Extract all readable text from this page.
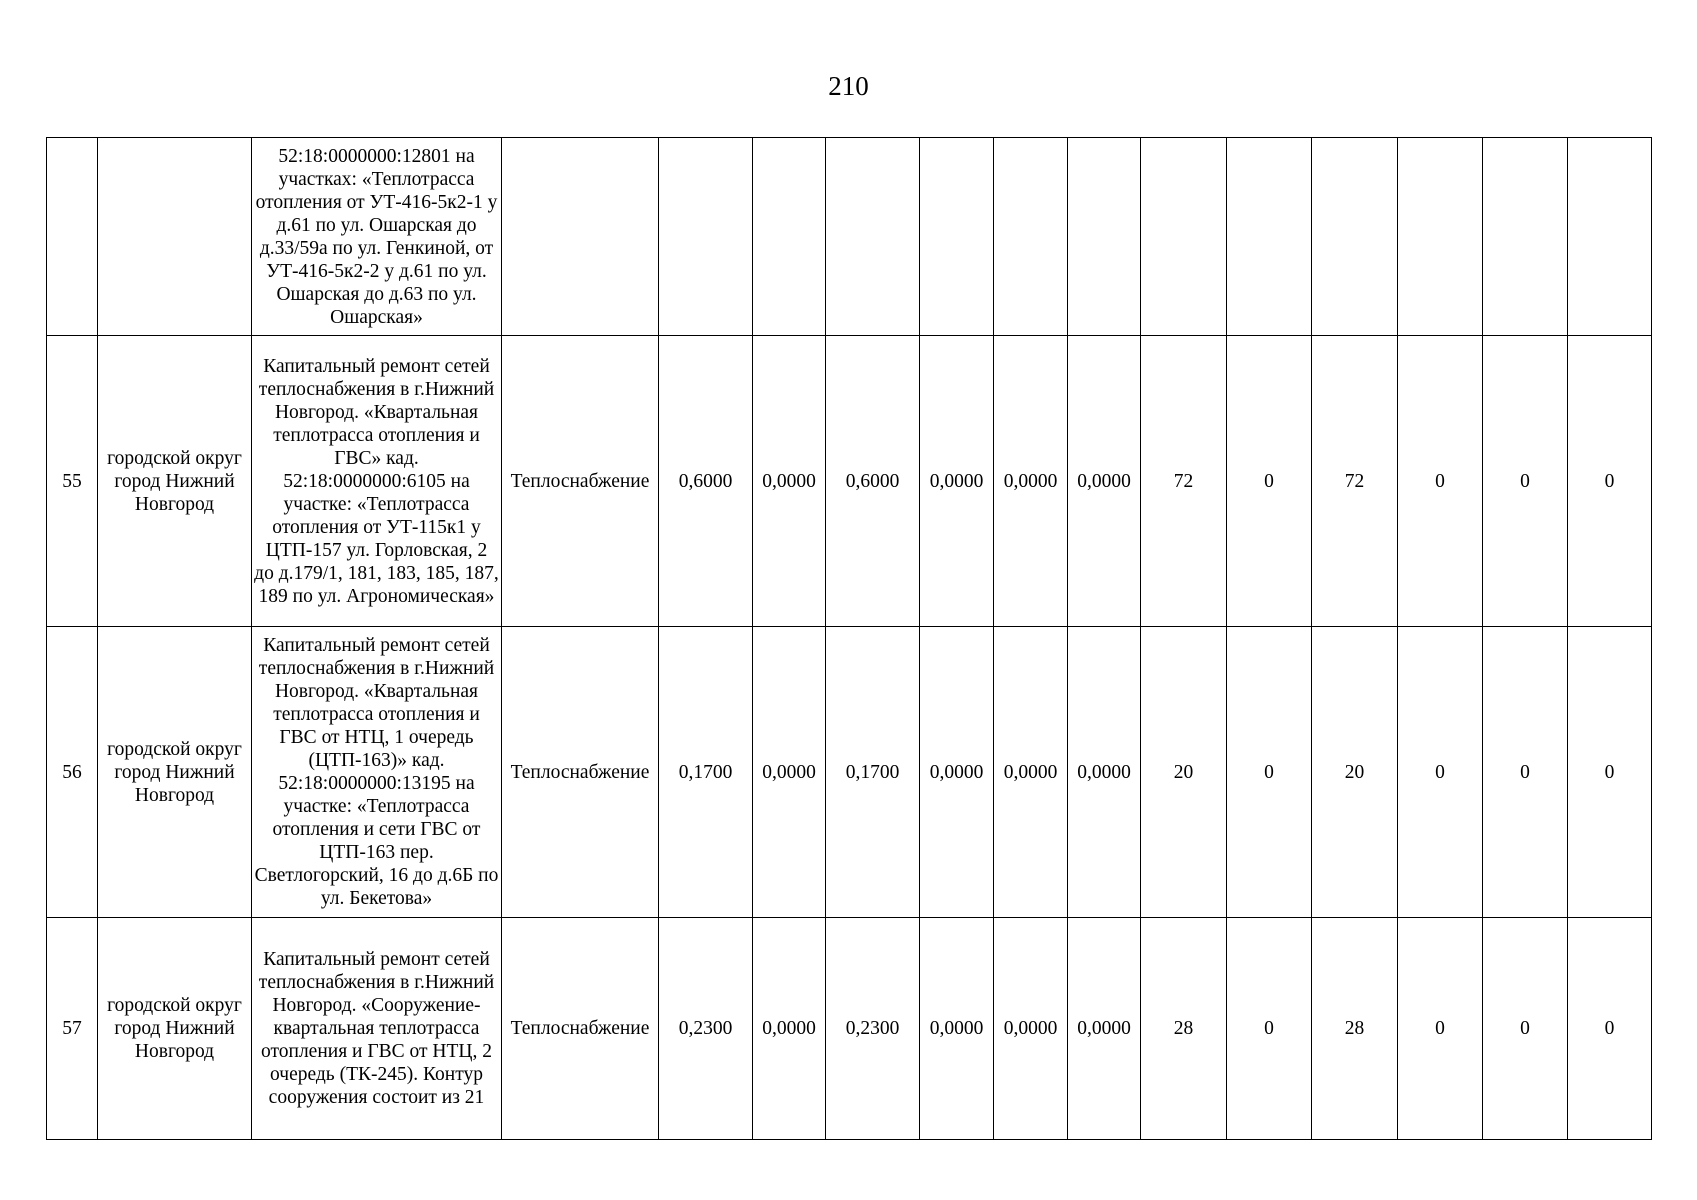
210
		52:18:0000000:12801 на участках: «Теплотрасса отопления от УТ-416-5к2-1 у д.61 по ул. Ошарская до д.33/59а по ул. Генкиной, от УТ-416-5к2-2 у д.61 по ул. Ошарская до д.63 по ул. Ошарская»													
55	городской округ город Нижний Новгород	Капитальный ремонт сетей теплоснабжения в г.Нижний Новгород. «Квартальная теплотрасса отопления и ГВС» кад. 52:18:0000000:6105 на участке: «Теплотрасса отопления от УТ-115к1 у ЦТП-157 ул. Горловская, 2 до д.179/1, 181, 183, 185, 187, 189 по ул. Агрономическая»	Теплоснабжение	0,6000	0,0000	0,6000	0,0000	0,0000	0,0000	72	0	72	0	0	0
56	городской округ город Нижний Новгород	Капитальный ремонт сетей теплоснабжения в г.Нижний Новгород. «Квартальная теплотрасса отопления и ГВС от НТЦ, 1 очередь (ЦТП-163)» кад. 52:18:0000000:13195 на участке: «Теплотрасса отопления и сети ГВС от ЦТП-163 пер. Светлогорский, 16 до д.6Б по ул. Бекетова»	Теплоснабжение	0,1700	0,0000	0,1700	0,0000	0,0000	0,0000	20	0	20	0	0	0
57	городской округ город Нижний Новгород	Капитальный ремонт сетей теплоснабжения в г.Нижний Новгород. «Сооружение-квартальная теплотрасса отопления и ГВС от НТЦ, 2 очередь (ТК-245). Контур сооружения состоит из 21	Теплоснабжение	0,2300	0,0000	0,2300	0,0000	0,0000	0,0000	28	0	28	0	0	0
